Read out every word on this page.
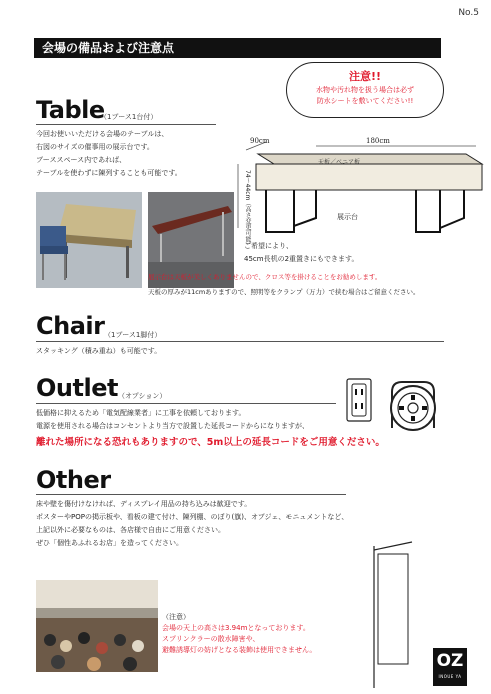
No.5
会場の備品および注意点
注意!!
水物や汚れ物を扱う場合は必ず
防水シートを敷いてください!!
Table
（1ブース1台付）
今回お使いいただける会場のテーブルは、
右図のサイズの催事用の展示台です。
ブーススペース内であれば、
テーブルを使わずに陳列することも可能です。
90cm	180cm
天板／ベニア板
74〜44cm（高さ変更可能）	展示台
ご希望により、
45cm長机の2重置きにもできます。
展示台は天板が美しくありませんので、クロス等を掛けることをお勧めします。
天板の厚みが11cmありますので、照明等をクランプ（万力）で挟む場合はご留意ください。
Chair （1ブース1脚付）
スタッキング（積み重ね）も可能です。
Outlet （オプション）
低価格に抑えるため「電気配線業者」に工事を依頼しております。
電源を使用される場合はコンセントより当方で設置した延長コードからになりますが、
離れた場所になる恐れもありますので、5m以上の延長コードをご用意ください。
Other
床や壁を傷付けなければ、ディスプレイ用品の持ち込みは歓迎です。
ポスターやPOPの掲示板や、看板の建て付け、陳列棚、のぼり(旗)、オブジェ、モニュメントなど、
上記以外に必要なものは、各店様で自由にご用意ください。
ぜひ「個性あふれるお店」を造ってください。
（注意）
会場の天上の高さは3.94mとなっております。
スプリンクラーの散水障害や、
避難誘導灯の妨げとなる装飾は使用できません。
OZ
INOUE YA
